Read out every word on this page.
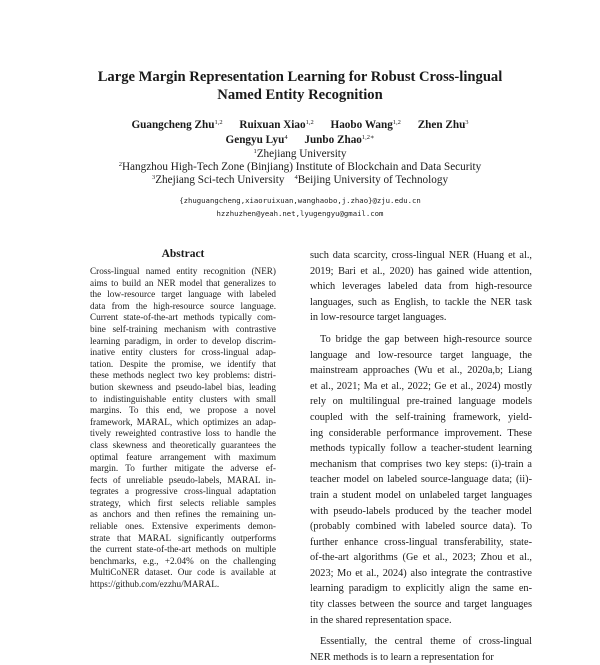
Large Margin Representation Learning for Robust Cross-lingual
Named Entity Recognition
Guangcheng Zhu$^{1,2}$ Ruixuan Xiao$^{1,2}$ Haobo Wang$^{1,2}$ Zhen Zhu$^3$
Gengyu Lyu$^4$ Junbo Zhao$^{1,2∗}$
$^1$Zhejiang University
$^2$Hangzhou High-Tech Zone (Binjiang) Institute of Blockchain and Data Security
$^3$Zhejiang Sci-tech University $^4$Beijing University of Technology
{zhuguangcheng,xiaoruixuan,wanghaobo,j.zhao}@zju.edu.cn
hzzhuzhen@yeah.net,lyugengyu@gmail.com
Abstract
Cross-lingual named entity recognition (NER)
aims to build an NER model that generalizes to
the low-resource target language with labeled
data from the high-resource source language.
Current state-of-the-art methods typically com-
bine self-training mechanism with contrastive
learning paradigm, in order to develop discrim-
inative entity clusters for cross-lingual adap-
tation. Despite the promise, we identify that
these methods neglect two key problems: distri-
bution skewness and pseudo-label bias, leading
to indistinguishable entity clusters with small
margins. To this end, we propose a novel
framework, MARAL, which optimizes an adap-
tively reweighted contrastive loss to handle the
class skewness and theoretically guarantees the
optimal feature arrangement with maximum
margin. To further mitigate the adverse ef-
fects of unreliable pseudo-labels, MARAL in-
tegrates a progressive cross-lingual adaptation
strategy, which first selects reliable samples
as anchors and then refines the remaining un-
reliable ones. Extensive experiments demon-
strate that MARAL significantly outperforms
the current state-of-the-art methods on multiple
benchmarks, e.g., +2.04% on the challenging
MultiCoNER dataset. Our code is available at
https://github.com/ezzhu/MARAL.
such data scarcity, cross-lingual NER (Huang et al.,
2019; Bari et al., 2020) has gained wide attention,
which leverages labeled data from high-resource
languages, such as English, to tackle the NER task
in low-resource target languages.
To bridge the gap between high-resource source
language and low-resource target language, the
mainstream approaches (Wu et al., 2020a,b; Liang
et al., 2021; Ma et al., 2022; Ge et al., 2024) mostly
rely on multilingual pre-trained language models
coupled with the self-training framework, yield-
ing considerable performance improvement. These
methods typically follow a teacher-student learning
mechanism that comprises two key steps: (i)-train a
teacher model on labeled source-language data; (ii)-
train a student model on unlabeled target languages
with pseudo-labels produced by the teacher model
(probably combined with labeled source data). To
further enhance cross-lingual transferability, state-
of-the-art algorithms (Ge et al., 2023; Zhou et al.,
2023; Mo et al., 2024) also integrate the contrastive
learning paradigm to explicitly align the same en-
tity classes between the source and target languages
in the shared representation space.
Essentially, the central theme of cross-lingual
NER methods is to learn a representation for
